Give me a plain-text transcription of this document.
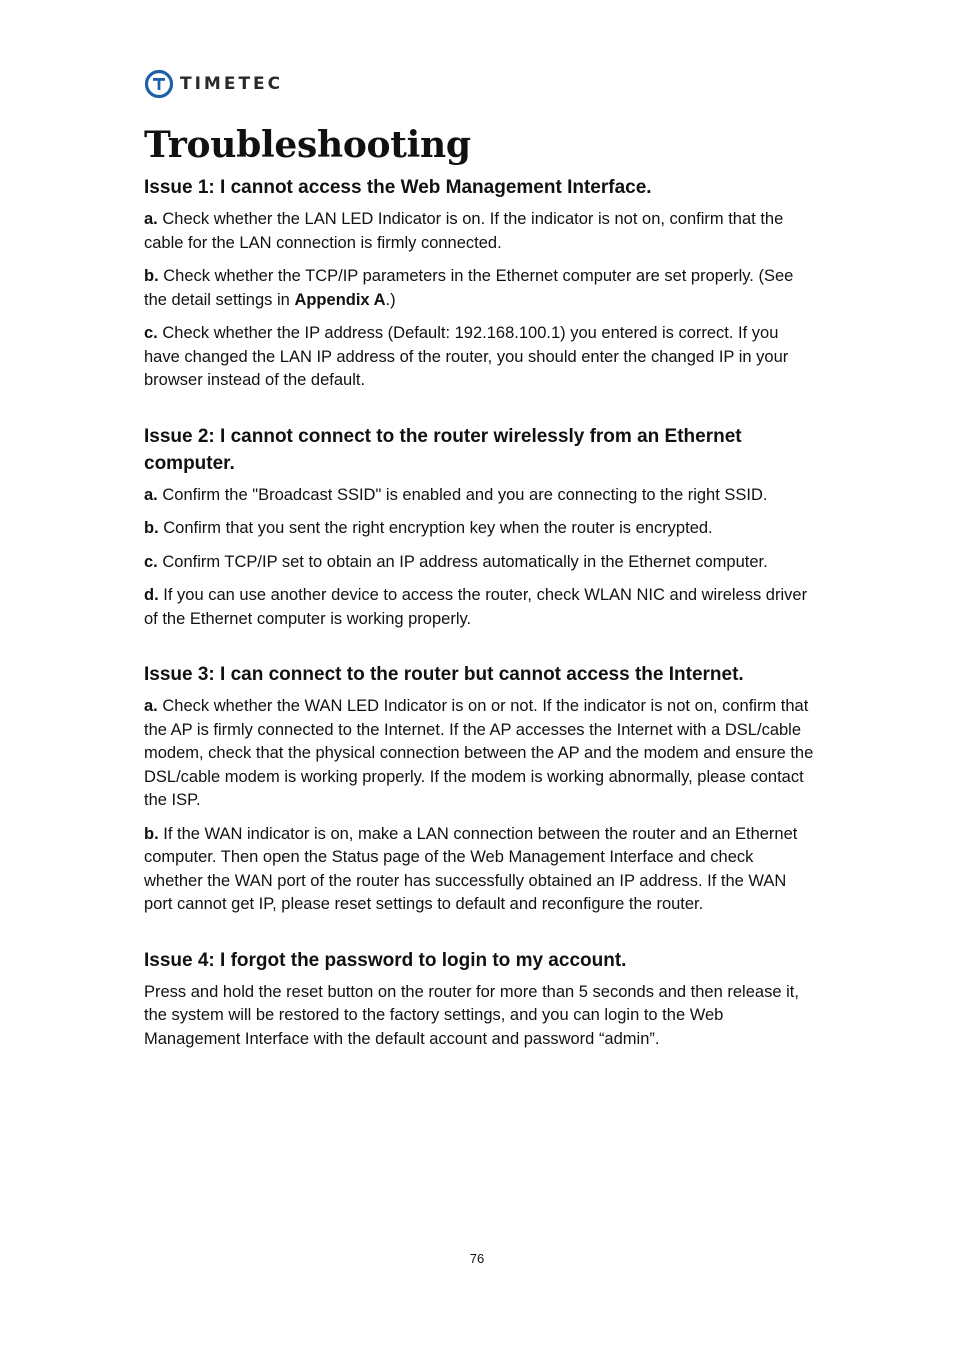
TIMETEC
Troubleshooting
Issue 1: I cannot access the Web Management Interface.

a. Check whether the LAN LED Indicator is on. If the indicator is not on, confirm that the cable for the LAN connection is firmly connected.

b. Check whether the TCP/IP parameters in the Ethernet computer are set properly. (See the detail settings in Appendix A.)

c. Check whether the IP address (Default: 192.168.100.1) you entered is correct. If you have changed the LAN IP address of the router, you should enter the changed IP in your browser instead of the default.

Issue 2: I cannot connect to the router wirelessly from an Ethernet computer.

a. Confirm the "Broadcast SSID" is enabled and you are connecting to the right SSID.

b. Confirm that you sent the right encryption key when the router is encrypted.

c. Confirm TCP/IP set to obtain an IP address automatically in the Ethernet computer.

d. If you can use another device to access the router, check WLAN NIC and wireless driver of the Ethernet computer is working properly.

Issue 3: I can connect to the router but cannot access the Internet.

a. Check whether the WAN LED Indicator is on or not. If the indicator is not on, confirm that the AP is firmly connected to the Internet. If the AP accesses the Internet with a DSL/cable modem, check that the physical connection between the AP and the modem and ensure the DSL/cable modem is working properly. If the modem is working abnormally, please contact the ISP.

b. If the WAN indicator is on, make a LAN connection between the router and an Ethernet computer. Then open the Status page of the Web Management Interface and check whether the WAN port of the router has successfully obtained an IP address. If the WAN port cannot get IP, please reset settings to default and reconfigure the router.

Issue 4: I forgot the password to login to my account.

Press and hold the reset button on the router for more than 5 seconds and then release it, the system will be restored to the factory settings, and you can login to the Web Management Interface with the default account and password “admin”.

76
